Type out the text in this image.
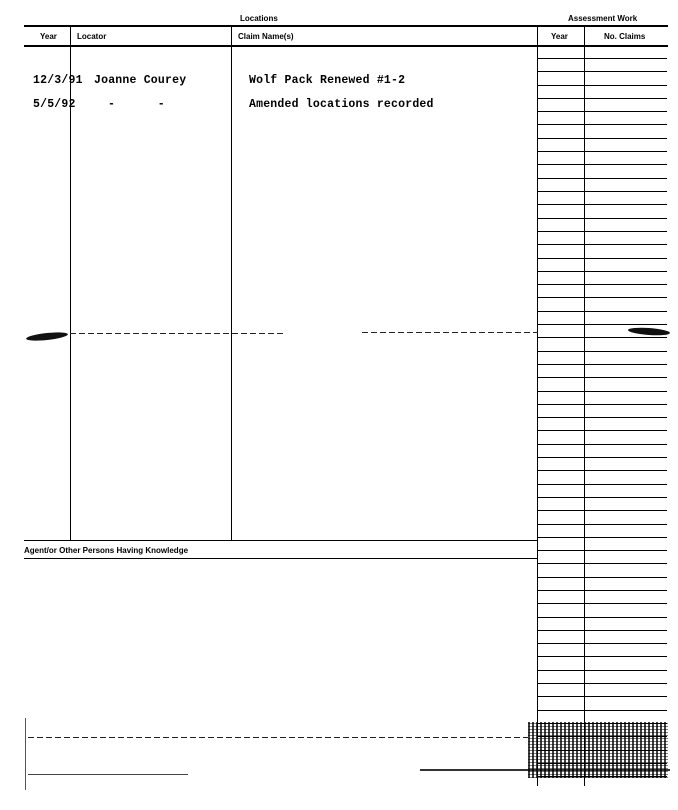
Locations	Assessment Work
Year	Locator	Claim Name(s)	Year	No. Claims
12/3/91 Joanne Courey	Wolf Pack Renewed #1-2
5/5/92	-      -	Amended locations recorded
Agent/or Other Persons Having Knowledge
